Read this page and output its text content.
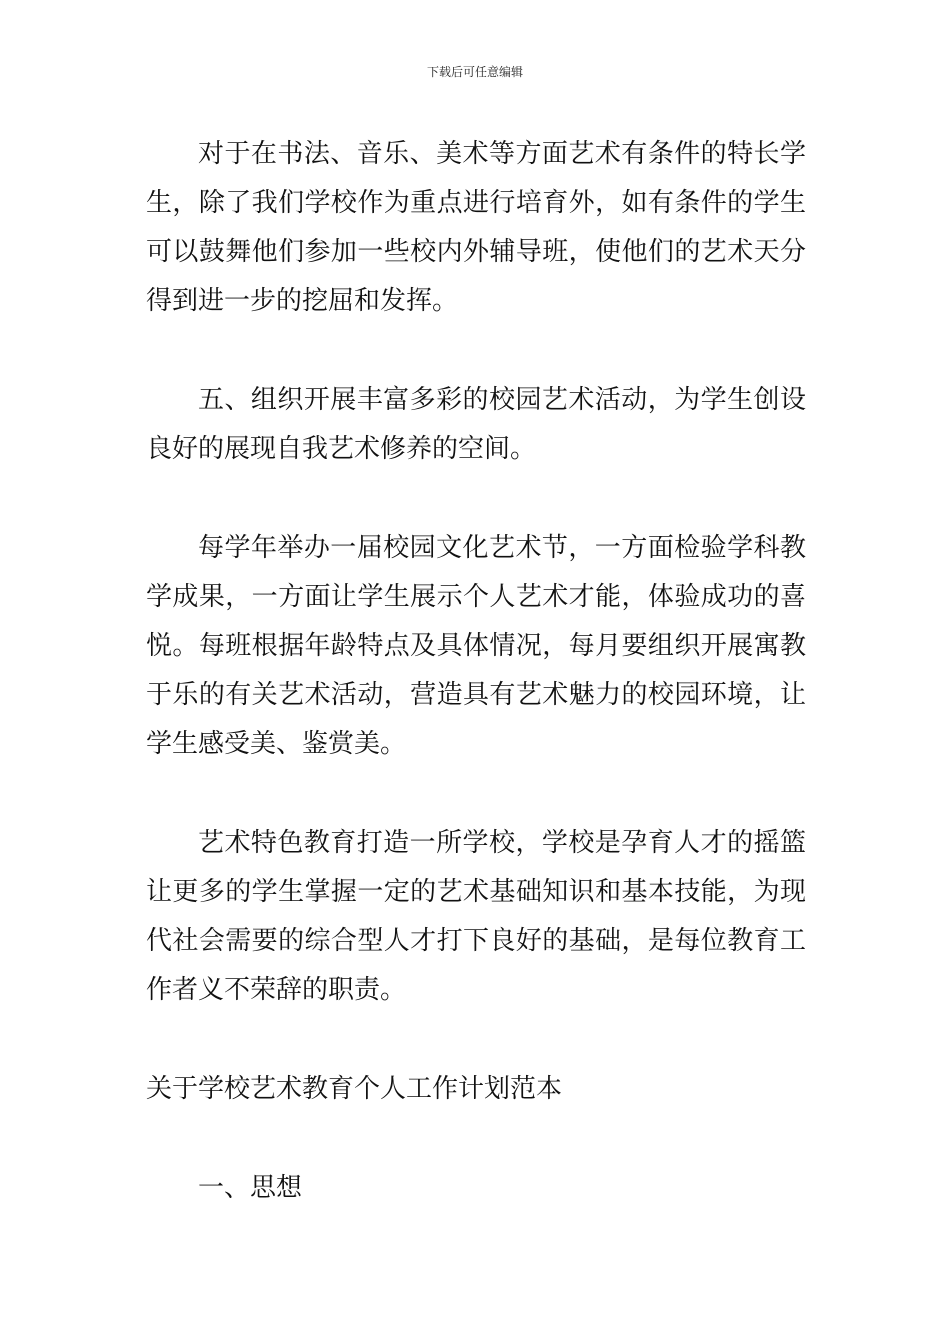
下载后可任意编辑

对于在书法、音乐、美术等方面艺术有条件的特长学生，除了我们学校作为重点进行培育外，如有条件的学生可以鼓舞他们参加一些校内外辅导班，使他们的艺术天分得到进一步的挖屈和发挥。

五、组织开展丰富多彩的校园艺术活动，为学生创设良好的展现自我艺术修养的空间。

每学年举办一届校园文化艺术节，一方面检验学科教学成果，一方面让学生展示个人艺术才能，体验成功的喜悦。每班根据年龄特点及具体情况，每月要组织开展寓教于乐的有关艺术活动，营造具有艺术魅力的校园环境，让学生感受美、鉴赏美。

艺术特色教育打造一所学校，学校是孕育人才的摇篮让更多的学生掌握一定的艺术基础知识和基本技能，为现代社会需要的综合型人才打下良好的基础，是每位教育工作者义不荣辞的职责。

关于学校艺术教育个人工作计划范本

一、思想
